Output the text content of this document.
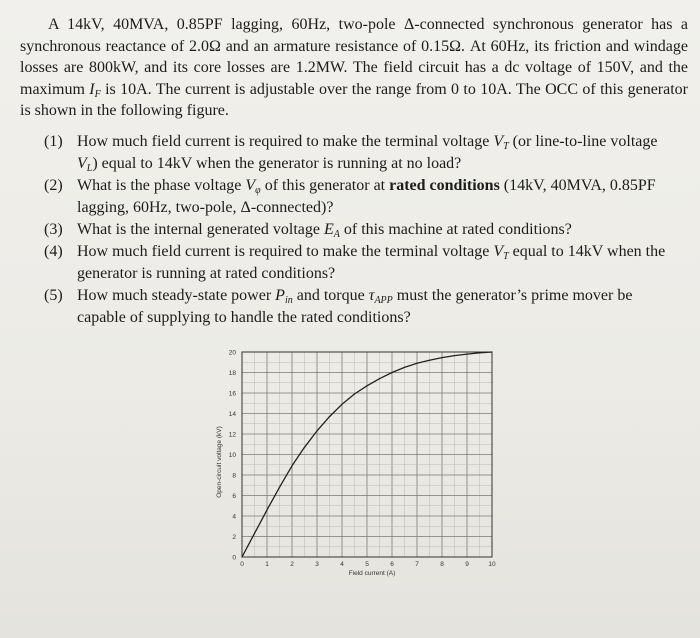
A 14kV, 40MVA, 0.85PF lagging, 60Hz, two-pole Δ-connected synchronous generator has a synchronous reactance of 2.0Ω and an armature resistance of 0.15Ω. At 60Hz, its friction and windage losses are 800kW, and its core losses are 1.2MW. The field circuit has a dc voltage of 150V, and the maximum $I_F$ is 10A. The current is adjustable over the range from 0 to 10A. The OCC of this generator is shown in the following figure.

(1) How much field current is required to make the terminal voltage $V_T$ (or line-to-line voltage $V_L$) equal to 14kV when the generator is running at no load?
(2) What is the phase voltage $V_\varphi$ of this generator at rated conditions (14kV, 40MVA, 0.85PF lagging, 60Hz, two-pole, Δ-connected)?
(3) What is the internal generated voltage $E_A$ of this machine at rated conditions?
(4) How much field current is required to make the terminal voltage $V_T$ equal to 14kV when the generator is running at rated conditions?
(5) How much steady-state power $P_{in}$ and torque $\tau_{APP}$ must the generator’s prime mover be capable of supplying to handle the rated conditions?
0	1	2	3	4	5	6	7	8	9	10
0
2
4
6
8
10
12
14
16
18
20
Field current (A)
Open-circuit voltage (kV)
